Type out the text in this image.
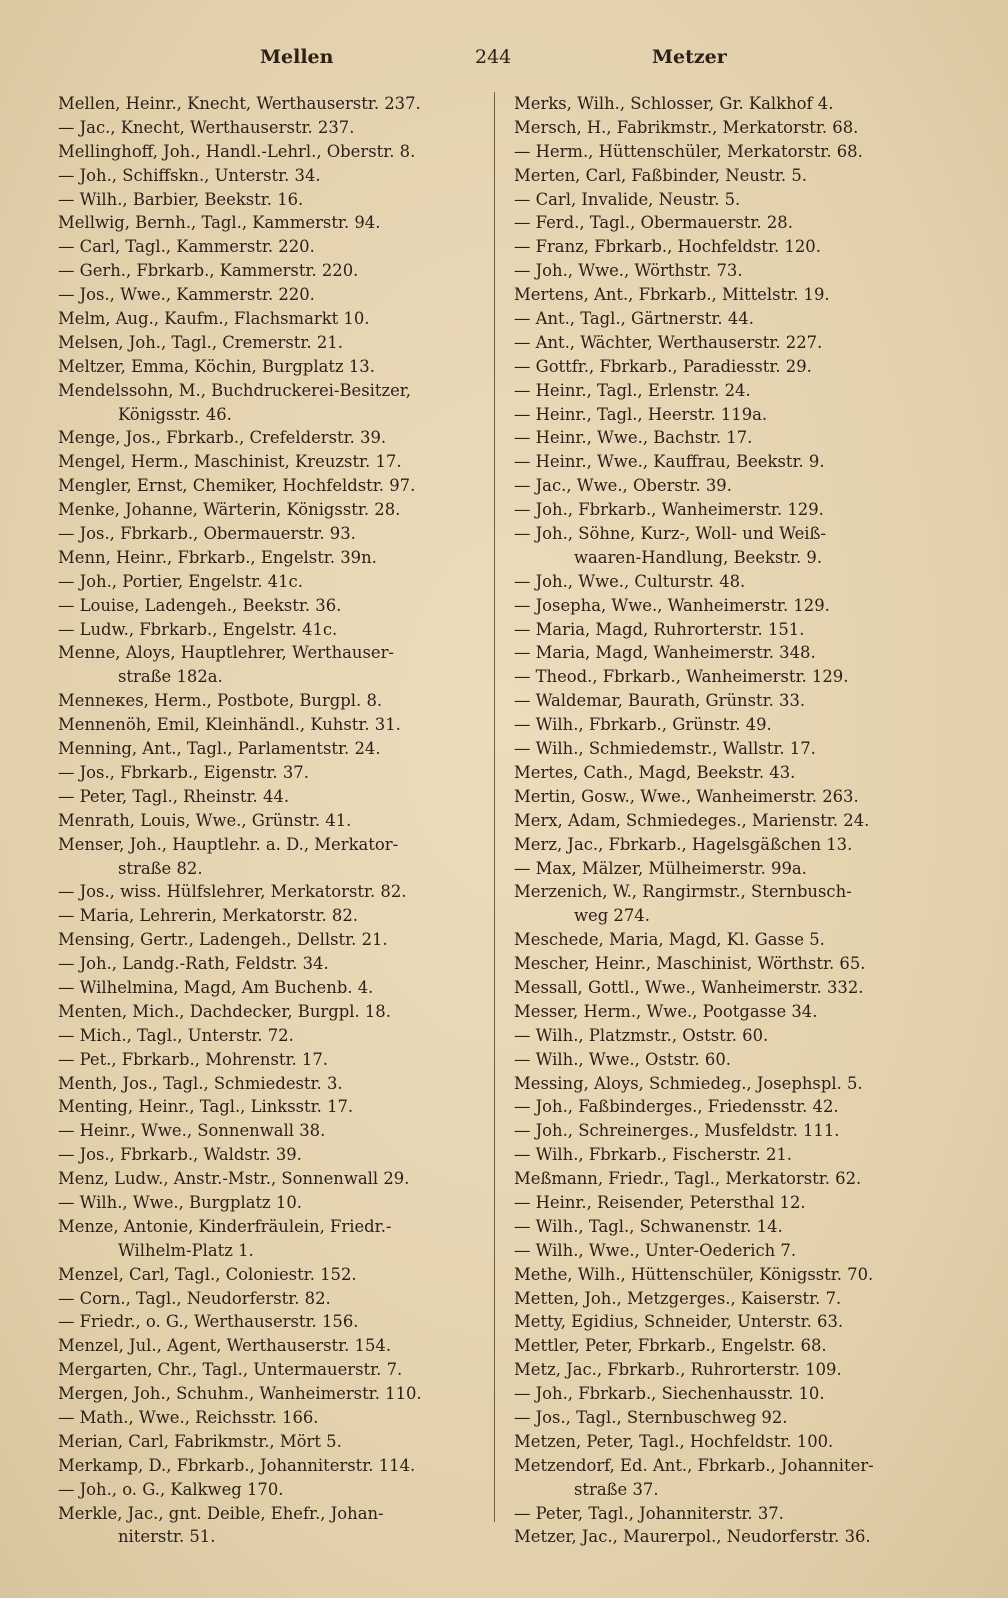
Mellen	244	Metzer
Mellen, Heinr., Knecht, Werthauserstr. 237.
— Jac., Knecht, Werthauserstr. 237.
Mellinghoff, Joh., Handl.-Lehrl., Oberstr. 8.
— Joh., Schiffskn., Unterstr. 34.
— Wilh., Barbier, Beekstr. 16.
Mellwig, Bernh., Tagl., Kammerstr. 94.
— Carl, Tagl., Kammerstr. 220.
— Gerh., Fbrkarb., Kammerstr. 220.
— Jos., Wwe., Kammerstr. 220.
Melm, Aug., Kaufm., Flachsmarkt 10.
Melsen, Joh., Tagl., Cremerstr. 21.
Meltzer, Emma, Köchin, Burgplatz 13.
Mendelssohn, M., Buchdruckerei-Besitzer,
Königsstr. 46.
Menge, Jos., Fbrkarb., Crefelderstr. 39.
Mengel, Herm., Maschinist, Kreuzstr. 17.
Mengler, Ernst, Chemiker, Hochfeldstr. 97.
Menke, Johanne, Wärterin, Königsstr. 28.
— Jos., Fbrkarb., Obermauerstr. 93.
Menn, Heinr., Fbrkarb., Engelstr. 39n.
— Joh., Portier, Engelstr. 41c.
— Louise, Ladengeh., Beekstr. 36.
— Ludw., Fbrkarb., Engelstr. 41c.
Menne, Aloys, Hauptlehrer, Werthauser-
straße 182a.
Menneкes, Herm., Postbote, Burgpl. 8.
Mennenöh, Emil, Kleinhändl., Kuhstr. 31.
Menning, Ant., Tagl., Parlamentstr. 24.
— Jos., Fbrkarb., Eigenstr. 37.
— Peter, Tagl., Rheinstr. 44.
Menrath, Louis, Wwe., Grünstr. 41.
Menser, Joh., Hauptlehr. a. D., Merkator-
straße 82.
— Jos., wiss. Hülfslehrer, Merkatorstr. 82.
— Maria, Lehrerin, Merkatorstr. 82.
Mensing, Gertr., Ladengeh., Dellstr. 21.
— Joh., Landg.-Rath, Feldstr. 34.
— Wilhelmina, Magd, Am Buchenb. 4.
Menten, Mich., Dachdecker, Burgpl. 18.
— Mich., Tagl., Unterstr. 72.
— Pet., Fbrkarb., Mohrenstr. 17.
Menth, Jos., Tagl., Schmiedestr. 3.
Menting, Heinr., Tagl., Linksstr. 17.
— Heinr., Wwe., Sonnenwall 38.
— Jos., Fbrkarb., Waldstr. 39.
Menz, Ludw., Anstr.-Mstr., Sonnenwall 29.
— Wilh., Wwe., Burgplatz 10.
Menze, Antonie, Kinderfräulein, Friedr.-
Wilhelm-Platz 1.
Menzel, Carl, Tagl., Coloniestr. 152.
— Corn., Tagl., Neudorferstr. 82.
— Friedr., o. G., Werthauserstr. 156.
Menzel, Jul., Agent, Werthauserstr. 154.
Mergarten, Chr., Tagl., Untermauerstr. 7.
Mergen, Joh., Schuhm., Wanheimerstr. 110.
— Math., Wwe., Reichsstr. 166.
Merian, Carl, Fabrikmstr., Mört 5.
Merkamp, D., Fbrkarb., Johanniterstr. 114.
— Joh., o. G., Kalkweg 170.
Merkle, Jac., gnt. Deible, Ehefr., Johan-
niterstr. 51.
Merks, Wilh., Schlosser, Gr. Kalkhof 4.
Mersch, H., Fabrikmstr., Merkatorstr. 68.
— Herm., Hüttenschüler, Merkatorstr. 68.
Merten, Carl, Faßbinder, Neustr. 5.
— Carl, Invalide, Neustr. 5.
— Ferd., Tagl., Obermauerstr. 28.
— Franz, Fbrkarb., Hochfeldstr. 120.
— Joh., Wwe., Wörthstr. 73.
Mertens, Ant., Fbrkarb., Mittelstr. 19.
— Ant., Tagl., Gärtnerstr. 44.
— Ant., Wächter, Werthauserstr. 227.
— Gottfr., Fbrkarb., Paradiesstr. 29.
— Heinr., Tagl., Erlenstr. 24.
— Heinr., Tagl., Heerstr. 119a.
— Heinr., Wwe., Bachstr. 17.
— Heinr., Wwe., Kauffrau, Beekstr. 9.
— Jac., Wwe., Oberstr. 39.
— Joh., Fbrkarb., Wanheimerstr. 129.
— Joh., Söhne, Kurz-, Woll- und Weiß-
waaren-Handlung, Beekstr. 9.
— Joh., Wwe., Culturstr. 48.
— Josepha, Wwe., Wanheimerstr. 129.
— Maria, Magd, Ruhrorterstr. 151.
— Maria, Magd, Wanheimerstr. 348.
— Theod., Fbrkarb., Wanheimerstr. 129.
— Waldemar, Baurath, Grünstr. 33.
— Wilh., Fbrkarb., Grünstr. 49.
— Wilh., Schmiedemstr., Wallstr. 17.
Mertes, Cath., Magd, Beekstr. 43.
Mertin, Gosw., Wwe., Wanheimerstr. 263.
Merx, Adam, Schmiedeges., Marienstr. 24.
Merz, Jac., Fbrkarb., Hagelsgäßchen 13.
— Max, Mälzer, Mülheimerstr. 99a.
Merzenich, W., Rangirmstr., Sternbusch-
weg 274.
Meschede, Maria, Magd, Kl. Gasse 5.
Mescher, Heinr., Maschinist, Wörthstr. 65.
Messall, Gottl., Wwe., Wanheimerstr. 332.
Messer, Herm., Wwe., Pootgasse 34.
— Wilh., Platzmstr., Oststr. 60.
— Wilh., Wwe., Oststr. 60.
Messing, Aloys, Schmiedeg., Josephspl. 5.
— Joh., Faßbinderges., Friedensstr. 42.
— Joh., Schreinerges., Musfeldstr. 111.
— Wilh., Fbrkarb., Fischerstr. 21.
Meßmann, Friedr., Tagl., Merkatorstr. 62.
— Heinr., Reisender, Petersthal 12.
— Wilh., Tagl., Schwanenstr. 14.
— Wilh., Wwe., Unter-Oederich 7.
Methe, Wilh., Hüttenschüler, Königsstr. 70.
Metten, Joh., Metzgerges., Kaiserstr. 7.
Metty, Egidius, Schneider, Unterstr. 63.
Mettler, Peter, Fbrkarb., Engelstr. 68.
Metz, Jac., Fbrkarb., Ruhrorterstr. 109.
— Joh., Fbrkarb., Siechenhausstr. 10.
— Jos., Tagl., Sternbuschweg 92.
Metzen, Peter, Tagl., Hochfeldstr. 100.
Metzendorf, Ed. Ant., Fbrkarb., Johanniter-
straße 37.
— Peter, Tagl., Johanniterstr. 37.
Metzer, Jac., Maurerpol., Neudorferstr. 36.
